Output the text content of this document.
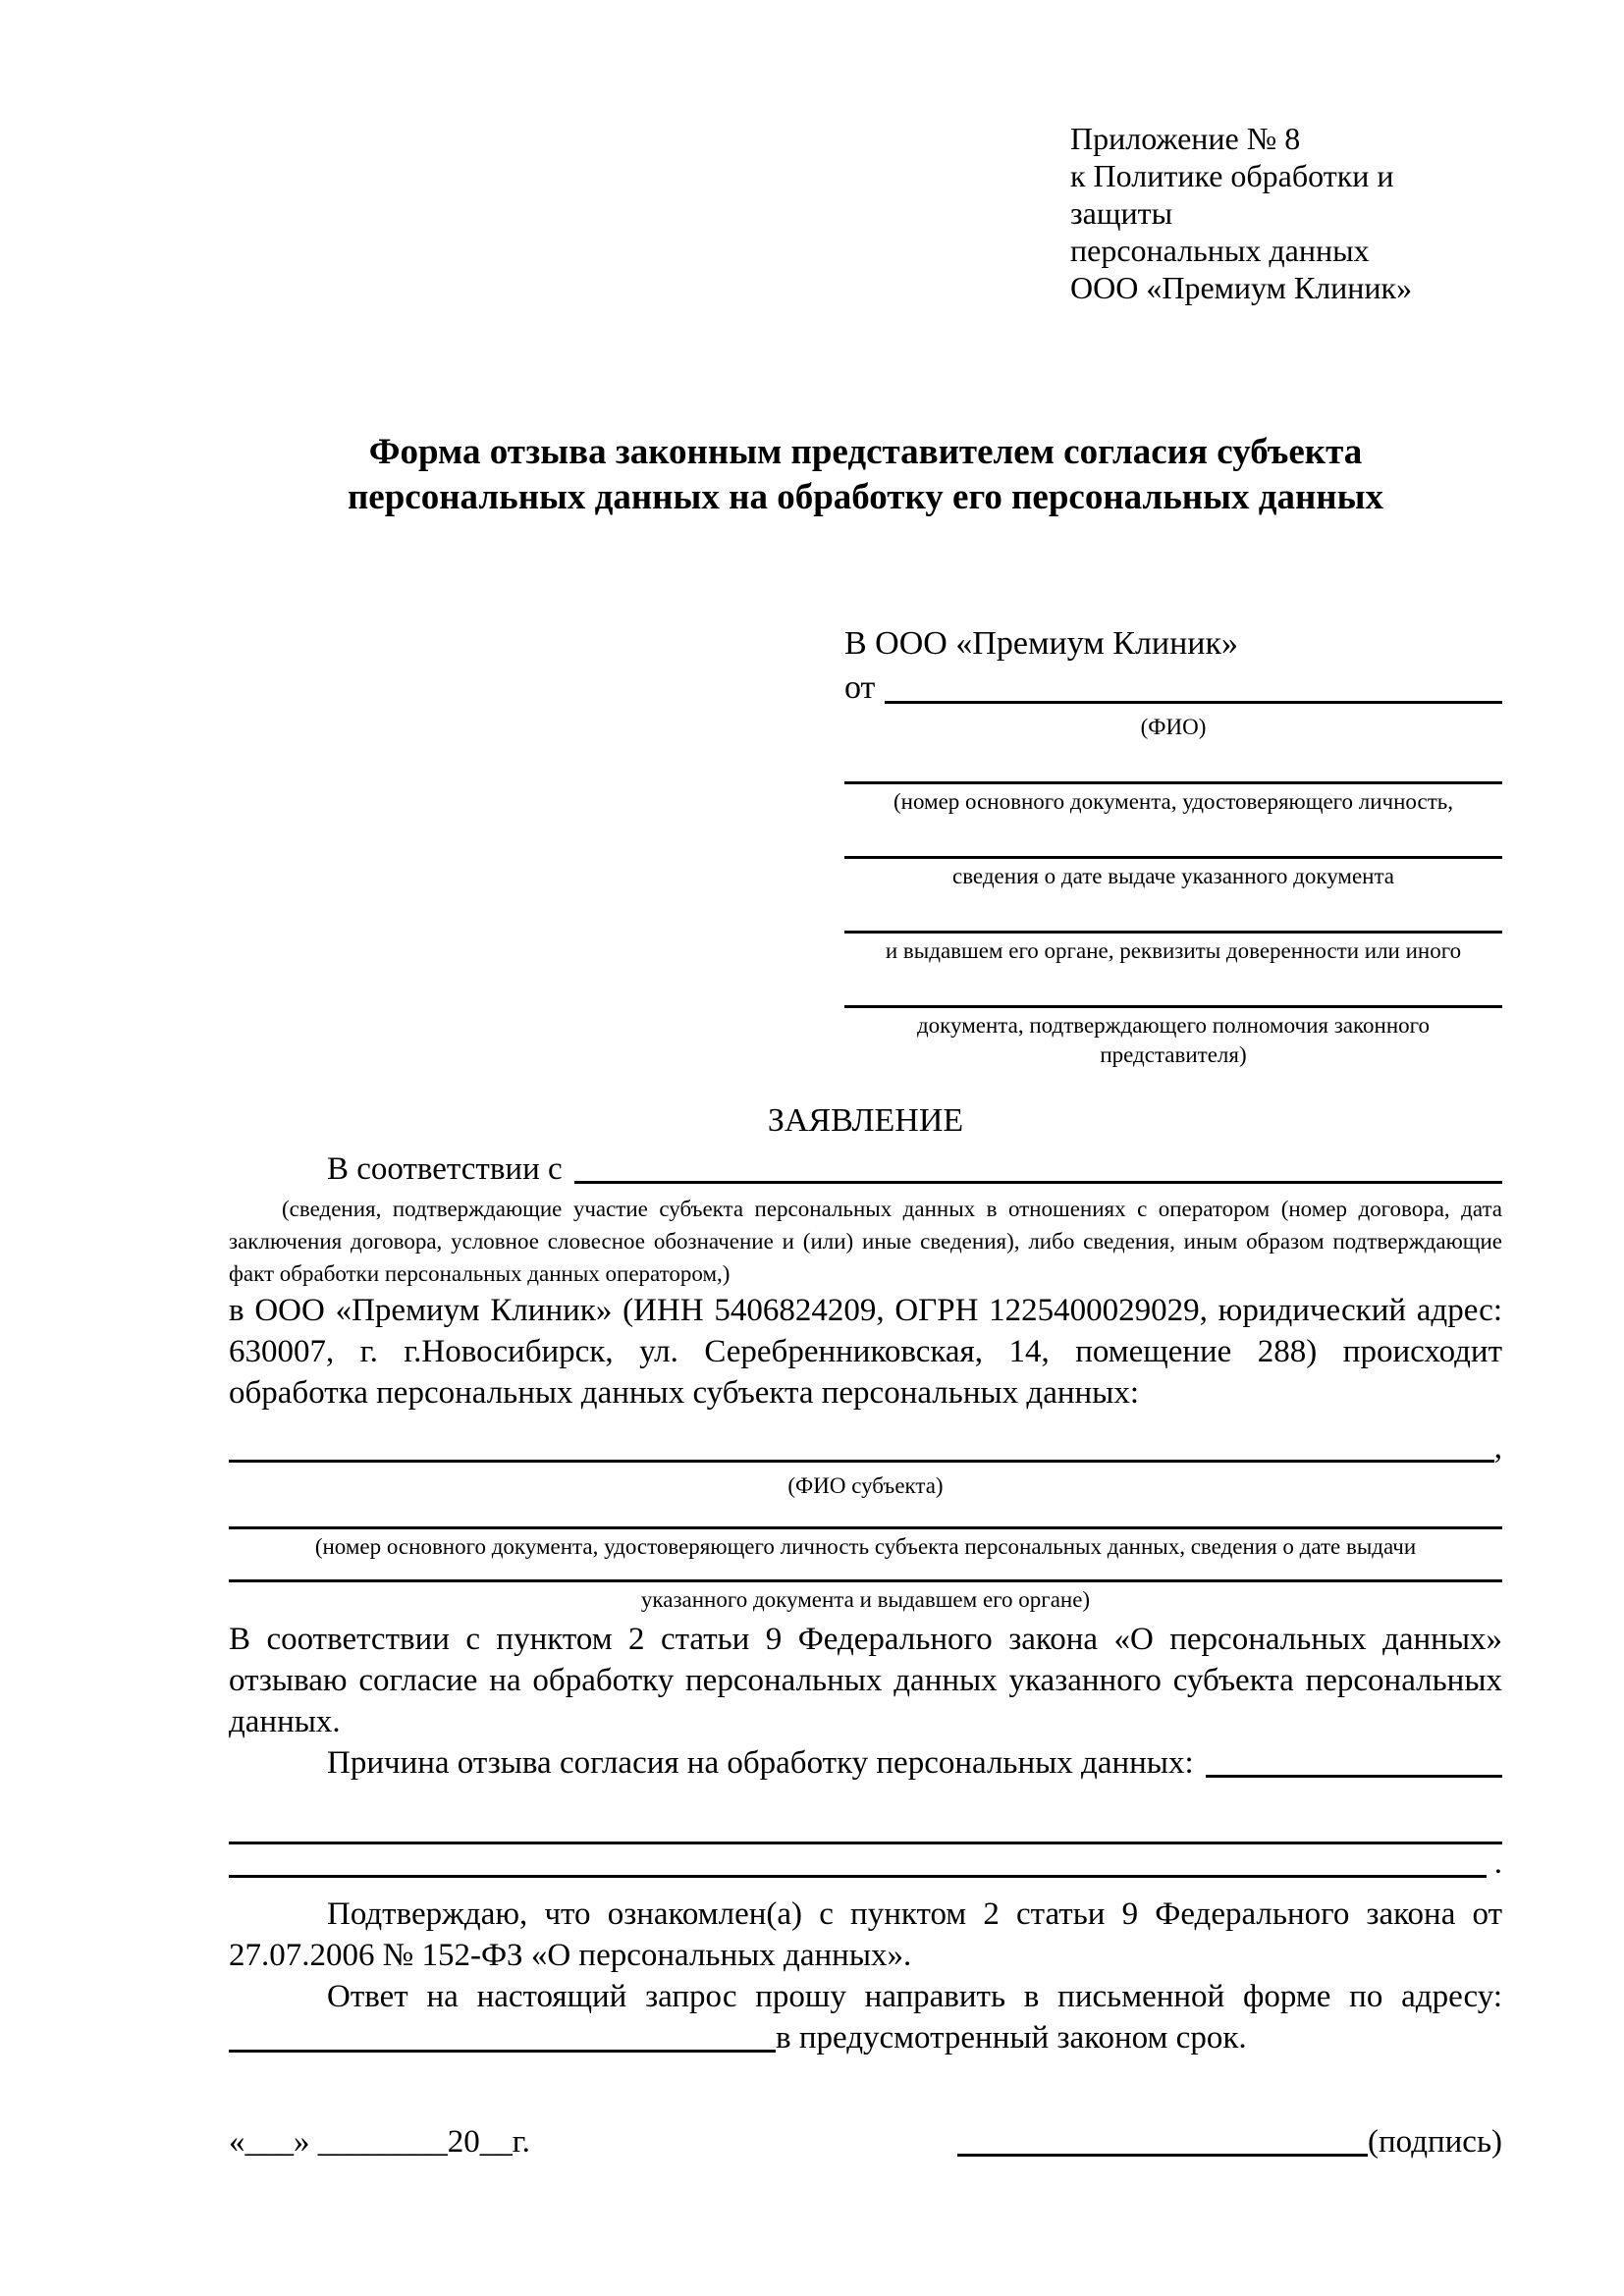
Приложение № 8
к Политике обработки и защиты
персональных данных
ООО «Премиум Клиник»
Форма отзыва законным представителем согласия субъекта персональных данных на обработку его персональных данных
В ООО «Премиум Клиник»
от
(ФИО)
(номер основного документа, удостоверяющего личность,
сведения о дате выдаче указанного документа
и выдавшем его органе, реквизиты доверенности или иного
документа, подтверждающего полномочия законного представителя)
ЗАЯВЛЕНИЕ
В соответствии с
(сведения, подтверждающие участие субъекта персональных данных в отношениях с оператором (номер договора, дата заключения договора, условное словесное обозначение и (или) иные сведения), либо сведения, иным образом подтверждающие факт обработки персональных данных оператором,)
в ООО «Премиум Клиник» (ИНН 5406824209, ОГРН 1225400029029, юридический адрес: 630007, г. г.Новосибирск, ул. Серебренниковская, 14, помещение 288) происходит обработка персональных данных субъекта персональных данных:
,
(ФИО субъекта)
(номер основного документа, удостоверяющего личность субъекта персональных данных, сведения о дате выдачи
указанного документа и выдавшем его органе)
В соответствии с пунктом 2 статьи 9 Федерального закона «О персональных данных» отзываю согласие на обработку персональных данных указанного субъекта персональных данных.
Причина отзыва согласия на обработку персональных данных:
.
Подтверждаю, что ознакомлен(а) с пунктом 2 статьи 9 Федерального закона от 27.07.2006 № 152-ФЗ «О персональных данных».
Ответ на настоящий запрос прошу направить в письменной форме по адресу:
в предусмотренный законом срок.
«___» ________20__г.	(подпись)
